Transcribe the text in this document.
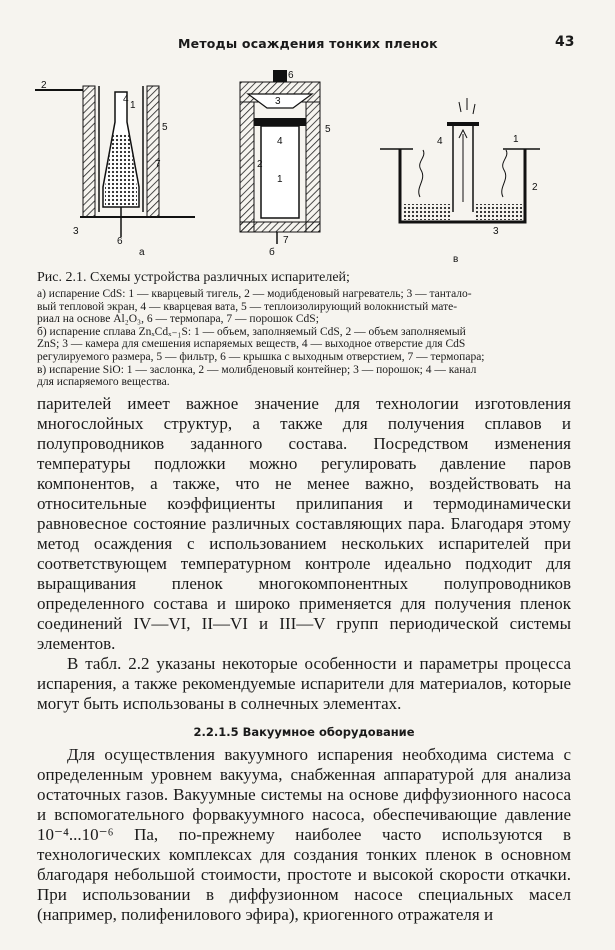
Методы осаждения тонких пленок	43
2
4
1
5
7
3
6
а
6
3
5
4
1
2
7
б
1
4
2
3
в
Рис. 2.1. Схемы устройства различных испарителей;
а) испарение CdS: 1 — кварцевый тигель, 2 — модибденовый нагреватель; 3 — тантало-
вый тепловой экран, 4 — кварцевая вата, 5 — теплоизолирующий волокнистый мате-
риал на основе Al₂O₃, 6 — термопара, 7 — порошок CdS;
б) испарение сплава ZnₓCdₓ₋₁S: 1 — объем, заполняемый CdS, 2 — объем заполняемый
ZnS; 3 — камера для смешения испаряемых веществ, 4 — выходное отверстие для CdS
регулируемого размера, 5 — фильтр, 6 — крышка с выходным отверстием, 7 — термопара;
в) испарение SiO: 1 — заслонка, 2 — молибденовый контейнер; 3 — порошок; 4 — канал
для испаряемого вещества.

парителей имеет важное значение для технологии изготовления многослойных структур, а также для получения сплавов и полупроводников заданного состава. Посредством изменения температуры подложки можно регулировать давление паров компонентов, а также, что не менее важно, воздействовать на относительные коэффициенты прилипания и термодинамически равновесное состояние различных составляющих пара. Благодаря этому метод осаждения с использованием нескольких испарителей при соответствующем температурном контроле идеально подходит для выращивания пленок многокомпонентных полупроводников определенного состава и широко применяется для получения пленок соединений IV—VI, II—VI и III—V групп периодической системы элементов.

В табл. 2.2 указаны некоторые особенности и параметры процесса испарения, а также рекомендуемые испарители для материалов, которые могут быть использованы в солнечных элементах.

2.2.1.5 Вакуумное оборудование

Для осуществления вакуумного испарения необходима система с определенным уровнем вакуума, снабженная аппаратурой для анализа остаточных газов. Вакуумные системы на основе диффузионного насоса и вспомогательного форвакуумного насоса, обеспечивающие давление 10⁻⁴...10⁻⁶ Па, по-прежнему наиболее часто используются в технологических комплексах для создания тонких пленок в основном благодаря небольшой стоимости, простоте и высокой скорости откачки. При использовании в диффузионном насосе специальных масел (например, полифенилового эфира), криогенного отражателя и
